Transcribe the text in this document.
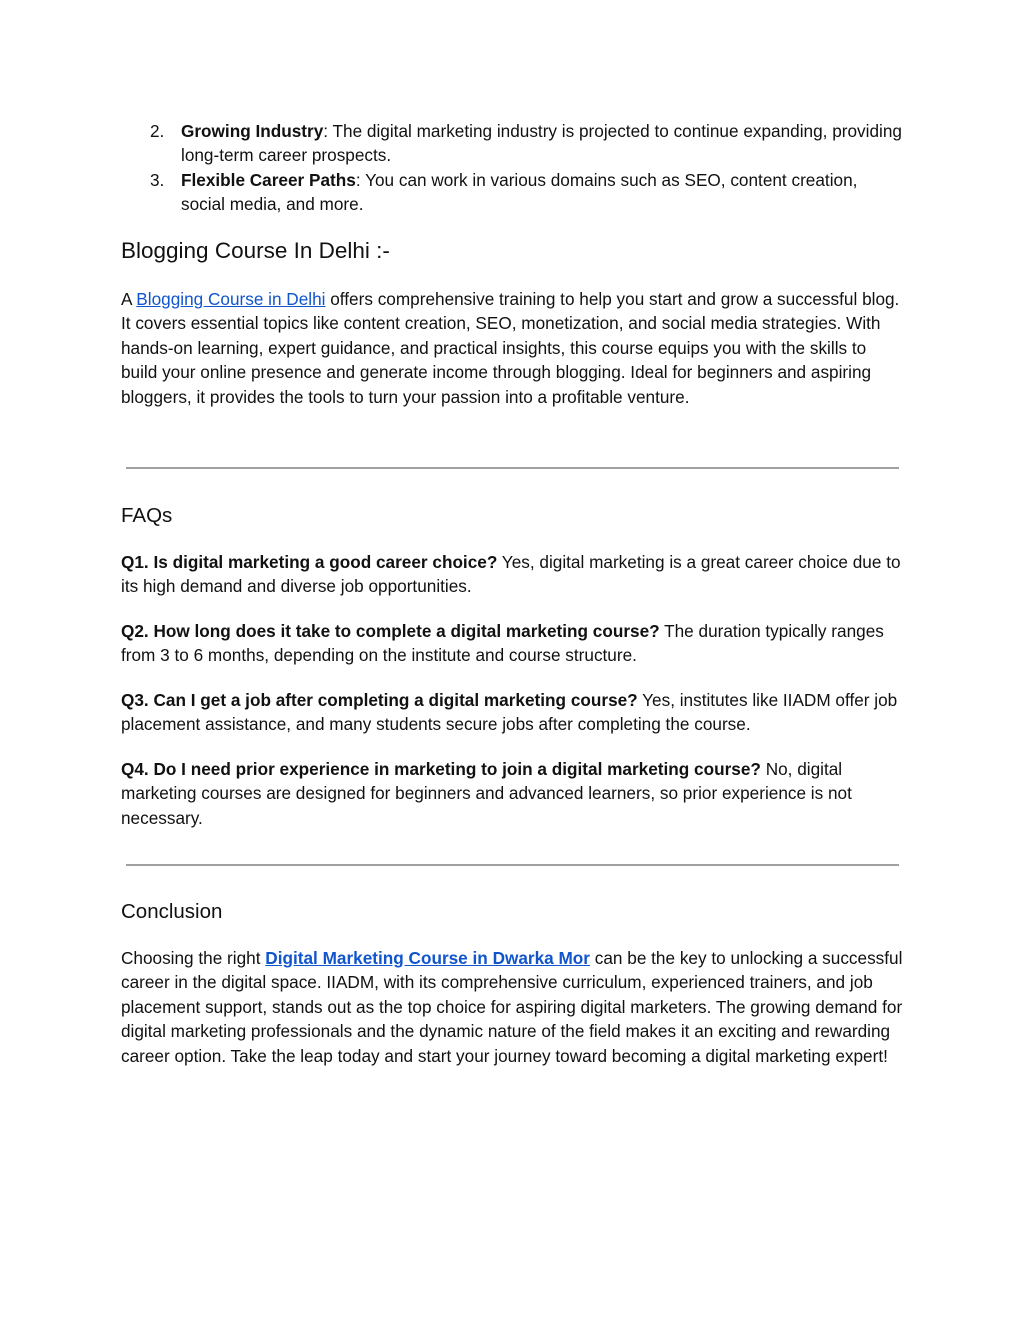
2. Growing Industry: The digital marketing industry is projected to continue expanding, providing long-term career prospects.
3. Flexible Career Paths: You can work in various domains such as SEO, content creation, social media, and more.
Blogging Course In Delhi :-

A Blogging Course in Delhi offers comprehensive training to help you start and grow a successful blog. It covers essential topics like content creation, SEO, monetization, and social media strategies. With hands-on learning, expert guidance, and practical insights, this course equips you with the skills to build your online presence and generate income through blogging. Ideal for beginners and aspiring bloggers, it provides the tools to turn your passion into a profitable venture.

FAQs

Q1. Is digital marketing a good career choice? Yes, digital marketing is a great career choice due to its high demand and diverse job opportunities.

Q2. How long does it take to complete a digital marketing course? The duration typically ranges from 3 to 6 months, depending on the institute and course structure.

Q3. Can I get a job after completing a digital marketing course? Yes, institutes like IIADM offer job placement assistance, and many students secure jobs after completing the course.

Q4. Do I need prior experience in marketing to join a digital marketing course? No, digital marketing courses are designed for beginners and advanced learners, so prior experience is not necessary.

Conclusion

Choosing the right Digital Marketing Course in Dwarka Mor can be the key to unlocking a successful career in the digital space. IIADM, with its comprehensive curriculum, experienced trainers, and job placement support, stands out as the top choice for aspiring digital marketers. The growing demand for digital marketing professionals and the dynamic nature of the field makes it an exciting and rewarding career option. Take the leap today and start your journey toward becoming a digital marketing expert!
